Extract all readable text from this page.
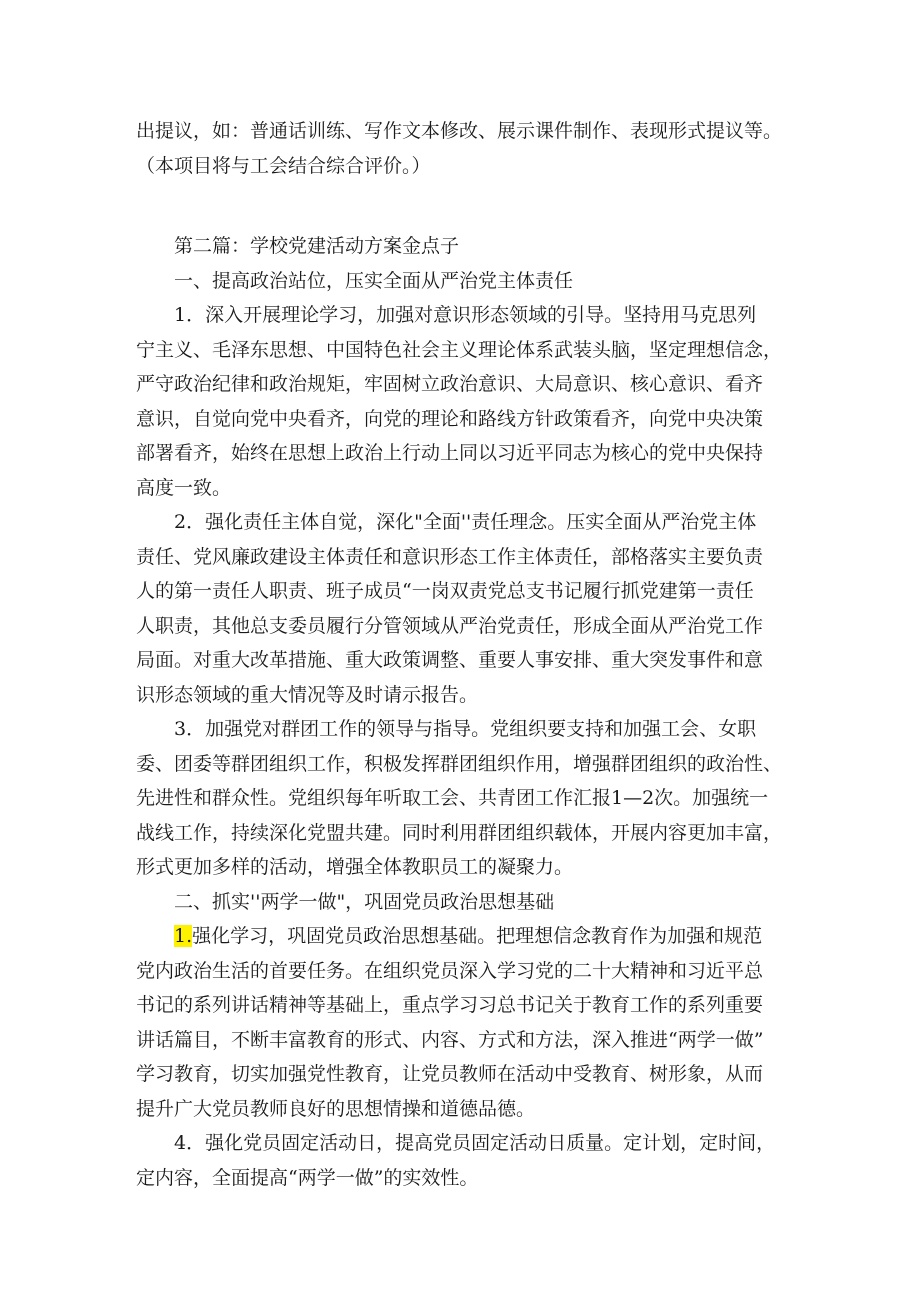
出提议，如：普通话训练、写作文本修改、展示课件制作、表现形式提议等。

（本项目将与工会结合综合评价。）

第二篇：学校党建活动方案金点子

一、提高政治站位，压实全面从严治党主体责任

1．深入开展理论学习，加强对意识形态领域的引导。坚持用马克思列

宁主义、毛泽东思想、中国特色社会主义理论体系武装头脑，坚定理想信念，

严守政治纪律和政治规矩，牢固树立政治意识、大局意识、核心意识、看齐

意识，自觉向党中央看齐，向党的理论和路线方针政策看齐，向党中央决策

部署看齐，始终在思想上政治上行动上同以习近平同志为核心的党中央保持

高度一致。

2．强化责任主体自觉，深化"全面''责任理念。压实全面从严治党主体

责任、党风廉政建设主体责任和意识形态工作主体责任，部格落实主要负责

人的第一责任人职责、班子成员“一岗双责党总支书记履行抓党建第一责任

人职责，其他总支委员履行分管领域从严治党责任，形成全面从严治党工作

局面。对重大改革措施、重大政策调整、重要人事安排、重大突发事件和意

识形态领域的重大情况等及时请示报告。

3．加强党对群团工作的领导与指导。党组织要支持和加强工会、女职

委、团委等群团组织工作，积极发挥群团组织作用，增强群团组织的政治性、

先进性和群众性。党组织每年听取工会、共青团工作汇报1—2次。加强统一

战线工作，持续深化党盟共建。同时利用群团组织载体，开展内容更加丰富，

形式更加多样的活动，增强全体教职员工的凝聚力。

二、抓实''两学一做"，巩固党员政治思想基础

1.强化学习，巩固党员政治思想基础。把理想信念教育作为加强和规范

党内政治生活的首要任务。在组织党员深入学习党的二十大精神和习近平总

书记的系列讲话精神等基础上，重点学习习总书记关于教育工作的系列重要

讲话篇目，不断丰富教育的形式、内容、方式和方法，深入推进“两学一做”

学习教育，切实加强党性教育，让党员教师在活动中受教育、树形象，从而

提升广大党员教师良好的思想情操和道德品德。

4．强化党员固定活动日，提高党员固定活动日质量。定计划，定时间，

定内容，全面提高“两学一做”的实效性。
